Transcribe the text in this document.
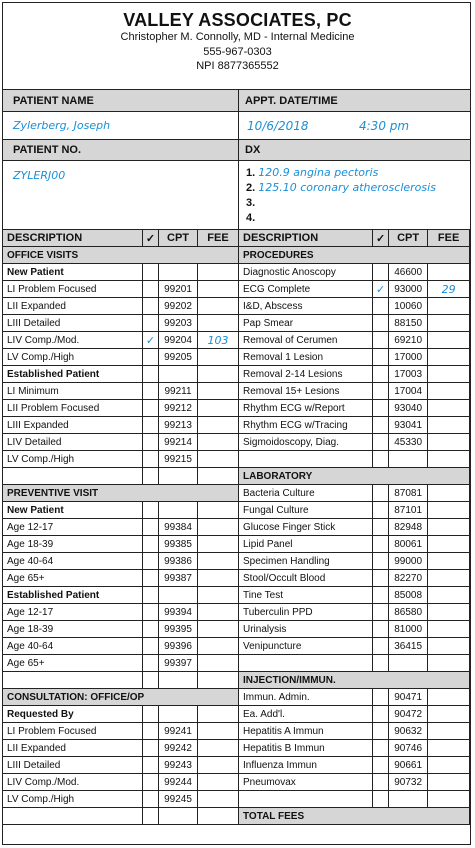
VALLEY ASSOCIATES, PC
Christopher M. Connolly, MD - Internal Medicine
555-967-0303
NPI 8877365552
PATIENT NAME	APPT. DATE/TIME
Zylerberg, Joseph	10/6/2018	4:30 pm
PATIENT NO.	DX
ZYLERJ00	1. 120.9 angina pectoris
2. 125.10 coronary atherosclerosis
3.
4.
DESCRIPTION	✓	CPT	FEE
OFFICE VISITS			
New Patient			
LI Problem Focused		99201	
LII Expanded		99202	
LIII Detailed		99203	
LIV Comp./Mod.	✓	99204	103
LV Comp./High		99205	
Established Patient			
LI Minimum		99211	
LII Problem Focused		99212	
LIII Expanded		99213	
LIV Detailed		99214	
LV Comp./High		99215	

PREVENTIVE VISIT			
New Patient			
Age 12-17		99384	
Age 18-39		99385	
Age 40-64		99386	
Age 65+		99387	
Established Patient			
Age 12-17		99394	
Age 18-39		99395	
Age 40-64		99396	
Age 65+		99397	

CONSULTATION: OFFICE/OP			
Requested By			
LI Problem Focused		99241	
LII Expanded		99242	
LIII Detailed		99243	
LIV Comp./Mod.		99244	
LV Comp./High		99245	

DESCRIPTION	✓	CPT	FEE
PROCEDURES			
Diagnostic Anoscopy		46600	
ECG Complete	✓	93000	29
I&D, Abscess		10060	
Pap Smear		88150	
Removal of Cerumen		69210	
Removal 1 Lesion		17000	
Removal 2-14 Lesions		17003	
Removal 15+ Lesions		17004	
Rhythm ECG w/Report		93040	
Rhythm ECG w/Tracing		93041	
Sigmoidoscopy, Diag.		45330	

LABORATORY			
Bacteria Culture		87081	
Fungal Culture		87101	
Glucose Finger Stick		82948	
Lipid Panel		80061	
Specimen Handling		99000	
Stool/Occult Blood		82270	
Tine Test		85008	
Tuberculin PPD		86580	
Urinalysis		81000	
Venipuncture		36415	

INJECTION/IMMUN.			
Immun. Admin.		90471	
Ea. Add'l.		90472	
Hepatitis A Immun		90632	
Hepatitis B Immun		90746	
Influenza Immun		90661	
Pneumovax		90732	

TOTAL FEES			
